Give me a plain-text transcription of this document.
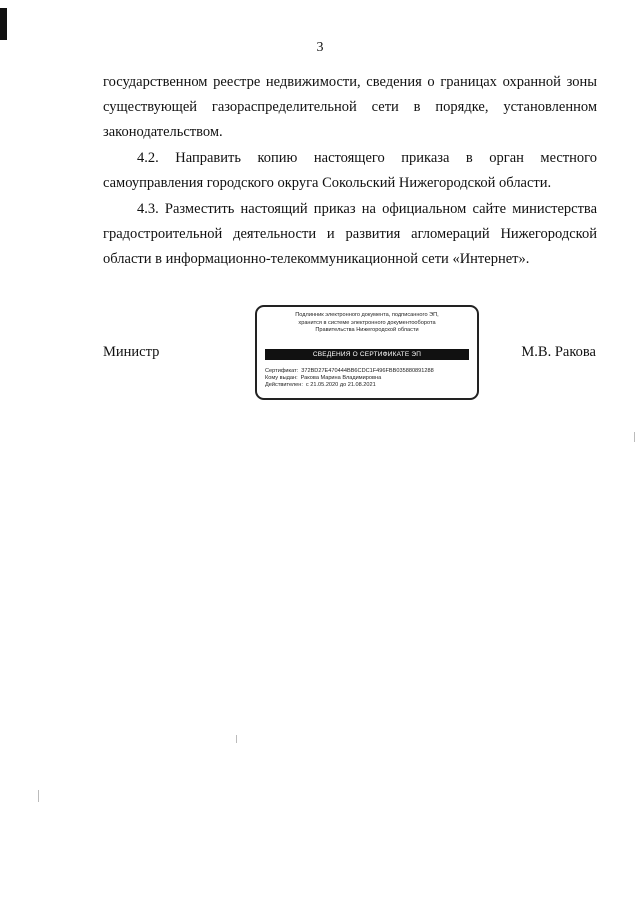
3

государственном реестре недвижимости, сведения о границах охранной зоны существующей газораспределительной сети в порядке, установленном законодательством.

4.2. Направить копию настоящего приказа в орган местного самоуправления городского округа Сокольский Нижегородской области.

4.3. Разместить настоящий приказ на официальном сайте министерства градостроительной деятельности и развития агломераций Нижегородской области в информационно-телекоммуникационной сети «Интернет».

Министр
Подлинник электронного документа, подписанного ЭП,
хранится в системе электронного документооборота
Правительства Нижегородской области
СВЕДЕНИЯ О СЕРТИФИКАТЕ ЭП
Сертификат: 372BD27E470444BB6CDC1F496FBB035880891288
Кому выдан: Ракова Марина Владимировна
Действителен: с 21.05.2020 до 21.08.2021
М.В. Ракова
